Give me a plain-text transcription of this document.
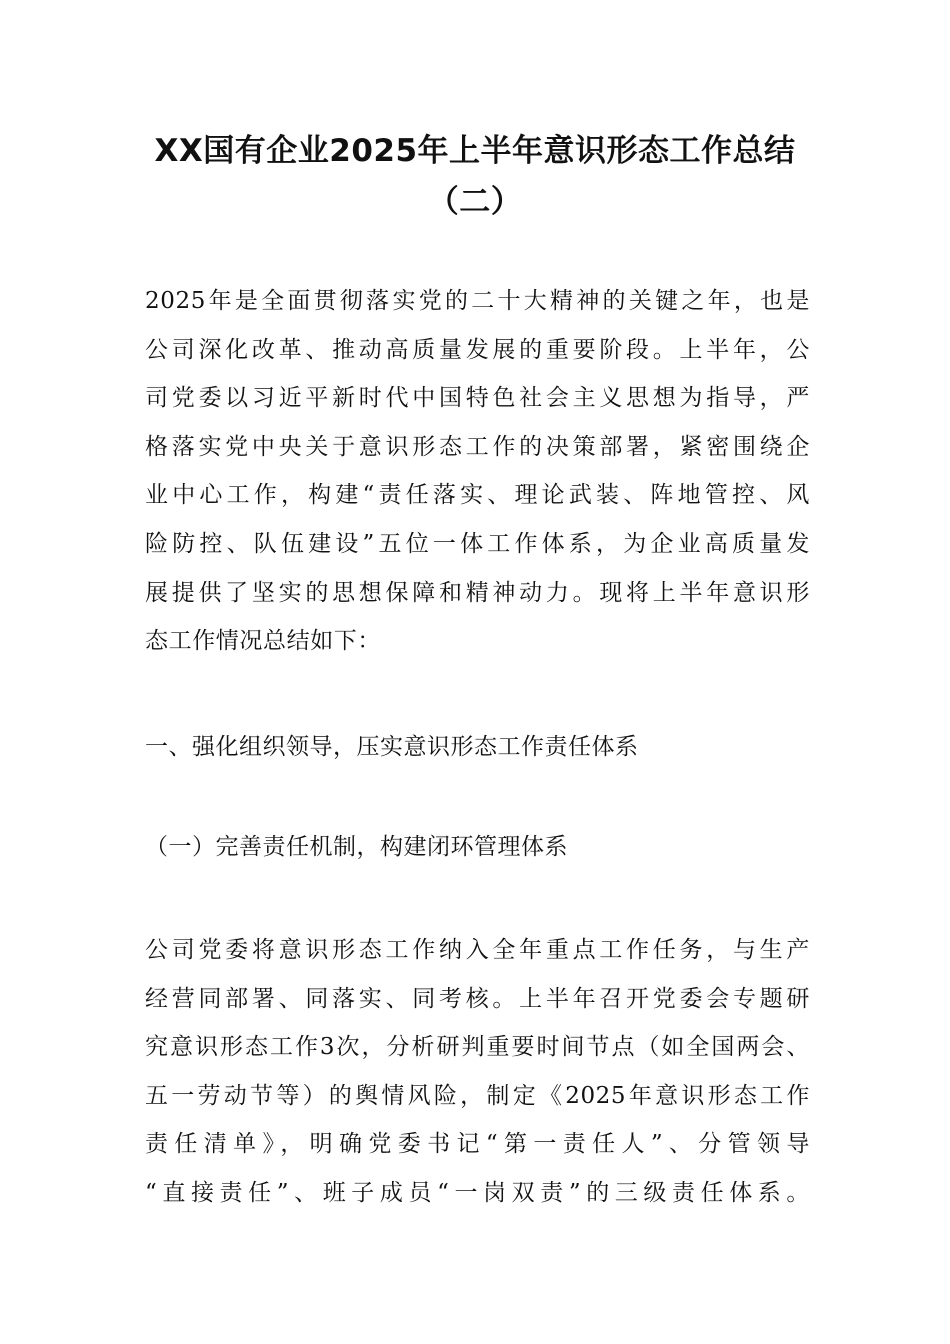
XX国有企业2025年上半年意识形态工作总结
（二）
2025年是全面贯彻落实党的二十大精神的关键之年，也是
公司深化改革、推动高质量发展的重要阶段。上半年，公
司党委以习近平新时代中国特色社会主义思想为指导，严
格落实党中央关于意识形态工作的决策部署，紧密围绕企
业中心工作，构建“责任落实、理论武装、阵地管控、风
险防控、队伍建设”五位一体工作体系，为企业高质量发
展提供了坚实的思想保障和精神动力。现将上半年意识形
态工作情况总结如下：
一、强化组织领导，压实意识形态工作责任体系
（一）完善责任机制，构建闭环管理体系
公司党委将意识形态工作纳入全年重点工作任务，与生产
经营同部署、同落实、同考核。上半年召开党委会专题研
究意识形态工作3次，分析研判重要时间节点（如全国两会、
五一劳动节等）的舆情风险，制定《2025年意识形态工作
责任清单》，明确党委书记“第一责任人”、分管领导
“直接责任”、班子成员“一岗双责”的三级责任体系。
